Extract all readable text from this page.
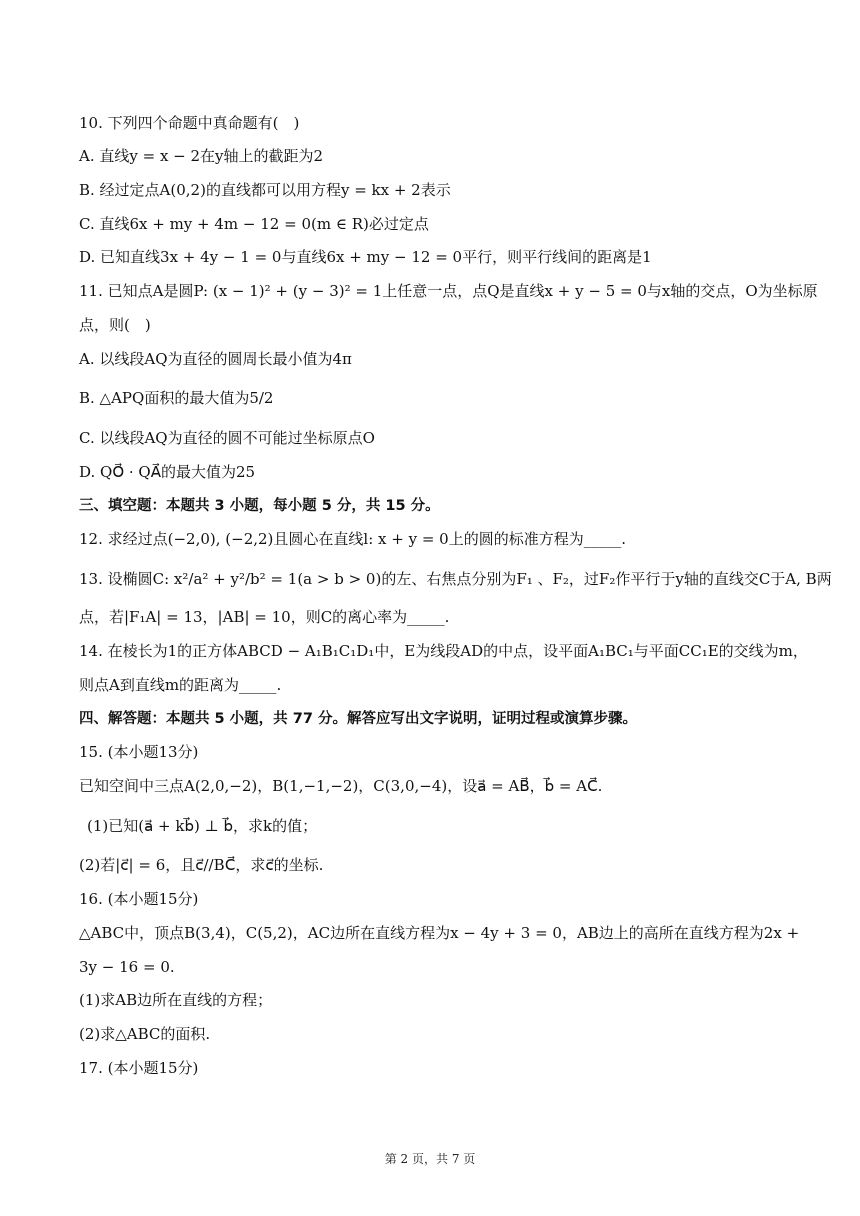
10. 下列四个命题中真命题有(　)
A. 直线y = x − 2在y轴上的截距为2
B. 经过定点A(0,2)的直线都可以用方程y = kx + 2表示
C. 直线6x + my + 4m − 12 = 0(m ∈ R)必过定点
D. 已知直线3x + 4y − 1 = 0与直线6x + my − 12 = 0平行，则平行线间的距离是1
11. 已知点A是圆P: (x − 1)² + (y − 3)² = 1上任意一点，点Q是直线x + y − 5 = 0与x轴的交点，O为坐标原
点，则(　)
A. 以线段AQ为直径的圆周长最小值为4π
B. △APQ面积的最大值为5/2
C. 以线段AQ为直径的圆不可能过坐标原点O
D. QO⃗ · QA⃗的最大值为25
三、填空题：本题共 3 小题，每小题 5 分，共 15 分。
12. 求经过点(−2,0), (−2,2)且圆心在直线l: x + y = 0上的圆的标准方程为_____.
13. 设椭圆C: x²/a² + y²/b² = 1(a > b > 0)的左、右焦点分别为F₁ 、F₂，过F₂作平行于y轴的直线交C于A, B两
点，若|F₁A| = 13，|AB| = 10，则C的离心率为_____.
14. 在棱长为1的正方体ABCD − A₁B₁C₁D₁中，E为线段AD的中点，设平面A₁BC₁与平面CC₁E的交线为m，
则点A到直线m的距离为_____.
四、解答题：本题共 5 小题，共 77 分。解答应写出文字说明，证明过程或演算步骤。
15. (本小题13分)
已知空间中三点A(2,0,−2)，B(1,−1,−2)，C(3,0,−4)，设a⃗ = AB⃗，b⃗ = AC⃗.
(1)已知(a⃗ + kb⃗) ⊥ b⃗，求k的值；
(2)若|c⃗| = 6，且c⃗//BC⃗，求c⃗的坐标.
16. (本小题15分)
△ABC中，顶点B(3,4)，C(5,2)，AC边所在直线方程为x − 4y + 3 = 0，AB边上的高所在直线方程为2x +
3y − 16 = 0.
(1)求AB边所在直线的方程；
(2)求△ABC的面积.
17. (本小题15分)
第 2 页，共 7 页
